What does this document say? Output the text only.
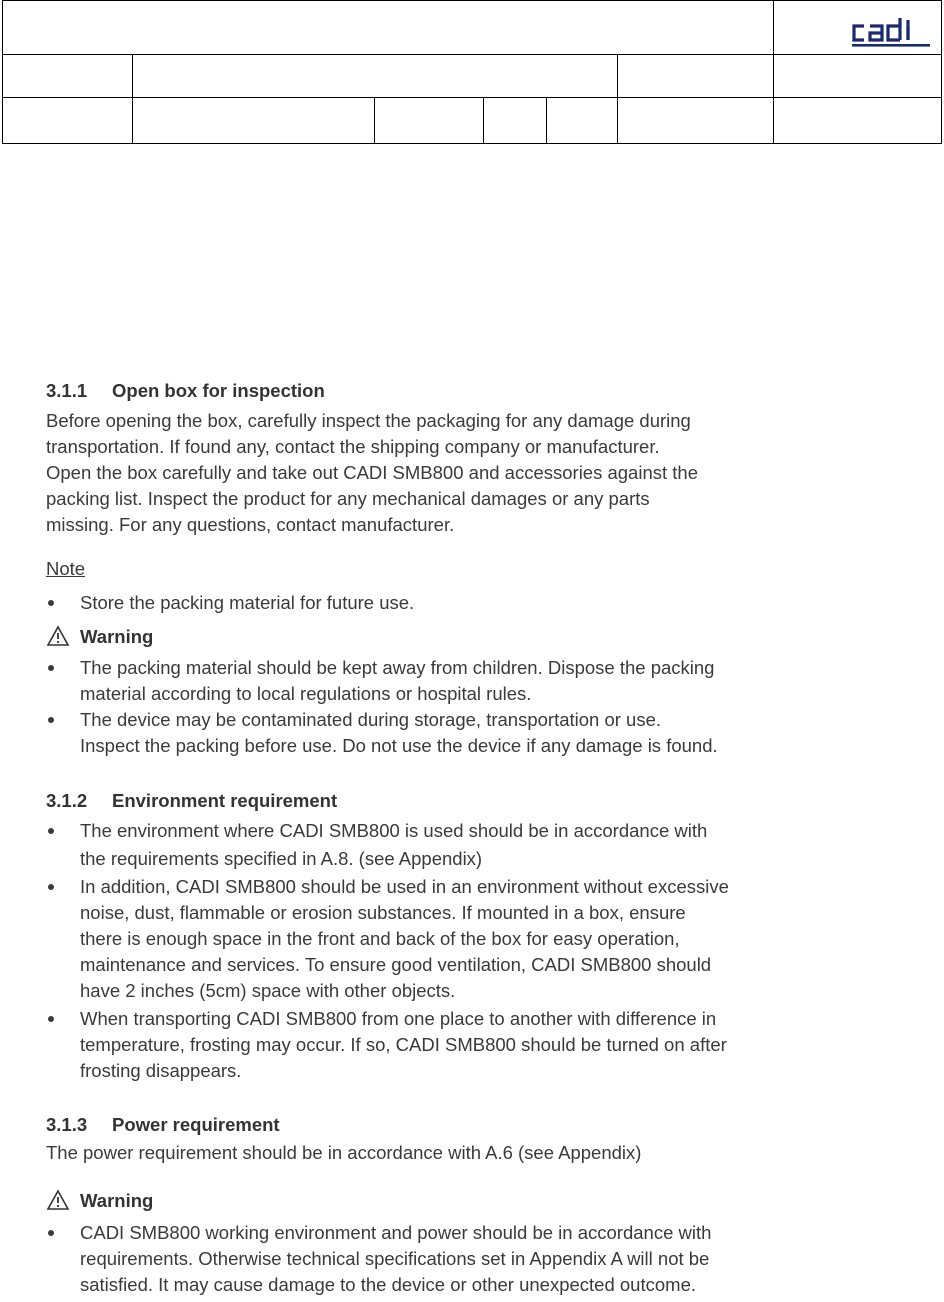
cadi
3.1.1 Open box for inspection
Before opening the box, carefully inspect the packaging for any damage during
transportation. If found any, contact the shipping company or manufacturer.
Open the box carefully and take out CADI SMB800 and accessories against the
packing list. Inspect the product for any mechanical damages or any parts
missing. For any questions, contact manufacturer.
Note
Store the packing material for future use.
Warning
The packing material should be kept away from children. Dispose the packing
material according to local regulations or hospital rules.
The device may be contaminated during storage, transportation or use.
Inspect the packing before use. Do not use the device if any damage is found.
3.1.2 Environment requirement
The environment where CADI SMB800 is used should be in accordance with
the requirements specified in A.8. (see Appendix)
In addition, CADI SMB800 should be used in an environment without excessive
noise, dust, flammable or erosion substances. If mounted in a box, ensure
there is enough space in the front and back of the box for easy operation,
maintenance and services. To ensure good ventilation, CADI SMB800 should
have 2 inches (5cm) space with other objects.
When transporting CADI SMB800 from one place to another with difference in
temperature, frosting may occur. If so, CADI SMB800 should be turned on after
frosting disappears.
3.1.3 Power requirement
The power requirement should be in accordance with A.6 (see Appendix)
Warning
CADI SMB800 working environment and power should be in accordance with
requirements. Otherwise technical specifications set in Appendix A will not be
satisfied. It may cause damage to the device or other unexpected outcome.
